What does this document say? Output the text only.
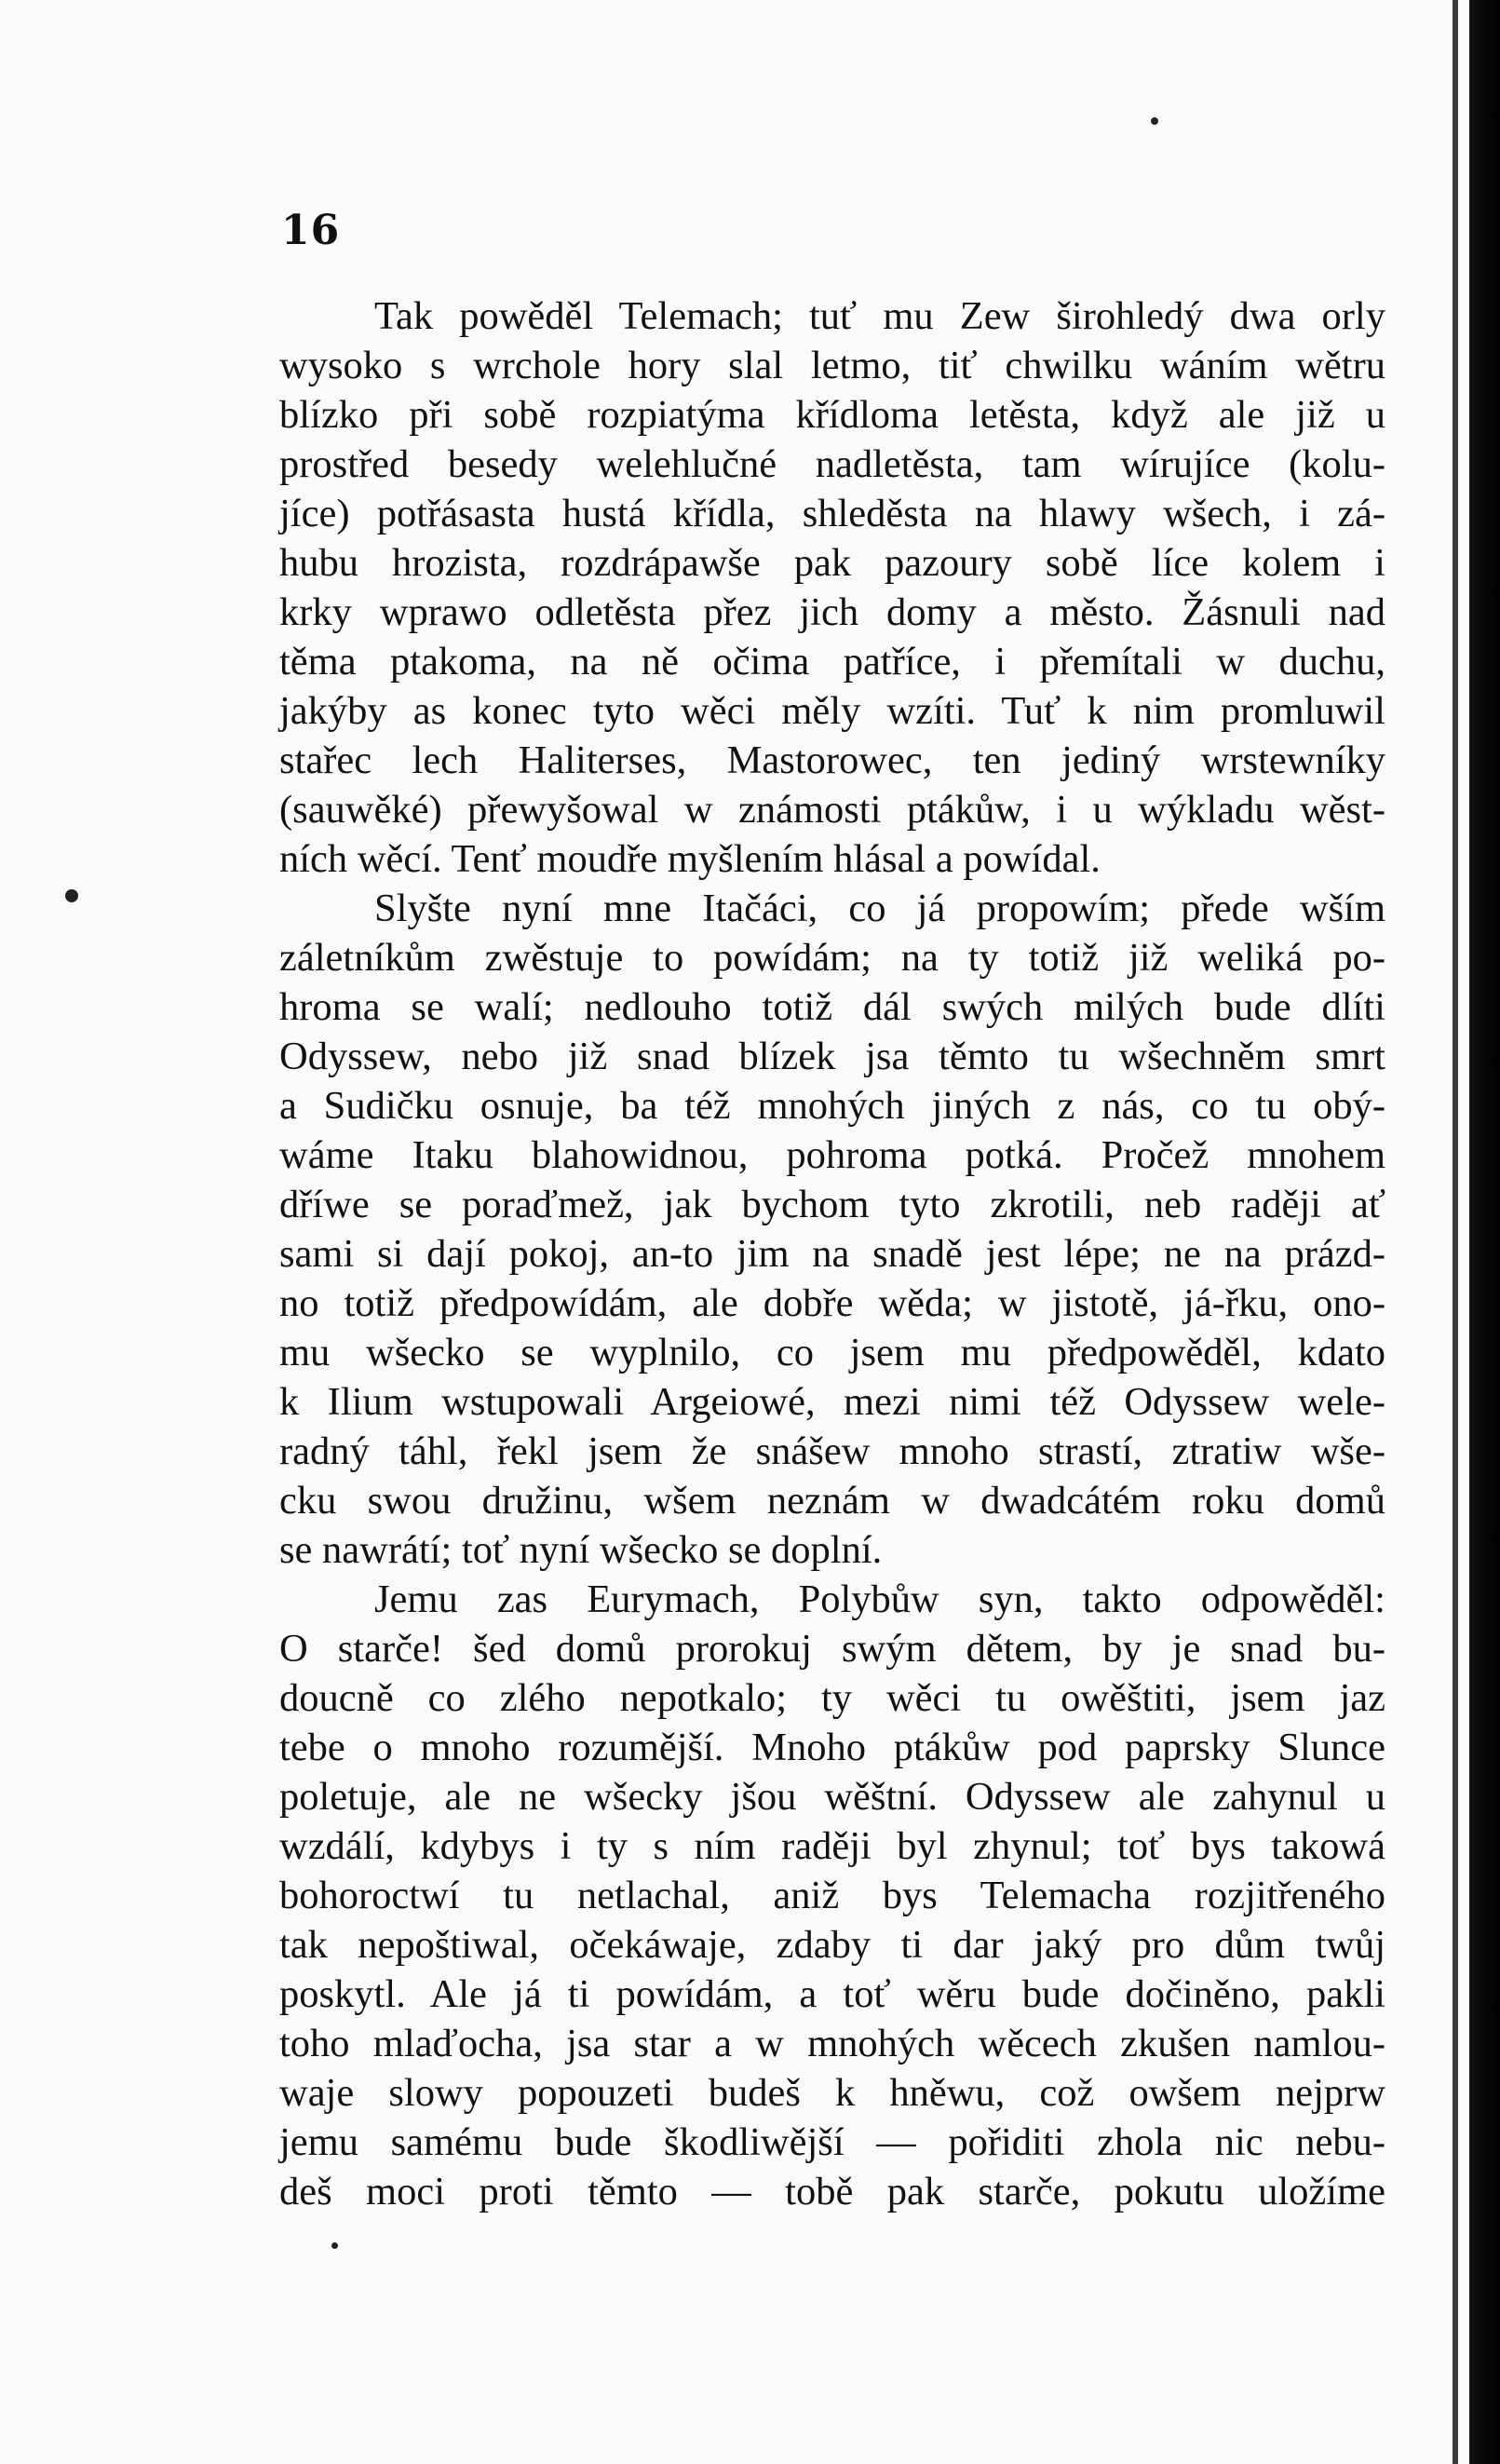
16
Tak powěděl Telemach; tuť mu Zew širohledý dwa orly
wysoko s wrchole hory slal letmo, tiť chwilku wáním wětru
blízko při sobě rozpiatýma křídloma letěsta, když ale již u
prostřed besedy welehlučné nadletěsta, tam wírujíce (kolu-
jíce) potřásasta hustá křídla, shleděsta na hlawy wšech, i zá-
hubu hrozista, rozdrápawše pak pazoury sobě líce kolem i
krky wprawo odletěsta přez jich domy a město. Žásnuli nad
těma ptakoma, na ně očima patříce, i přemítali w duchu,
jakýby as konec tyto wěci měly wzíti. Tuť k nim promluwil
stařec lech Haliterses, Mastorowec, ten jediný wrstewníky
(sauwěké) přewyšowal w známosti ptákůw, i u wýkladu wěst-
ních wěcí. Tenť moudře myšlením hlásal a powídal.
Slyšte nyní mne Itačáci, co já propowím; přede wším
záletníkům zwěstuje to powídám; na ty totiž již weliká po-
hroma se walí; nedlouho totiž dál swých milých bude dlíti
Odyssew, nebo již snad blízek jsa těmto tu wšechněm smrt
a Sudičku osnuje, ba též mnohých jiných z nás, co tu obý-
wáme Itaku blahowidnou, pohroma potká. Pročež mnohem
dříwe se poraďmež, jak bychom tyto zkrotili, neb raději ať
sami si dají pokoj, an-to jim na snadě jest lépe; ne na prázd-
no totiž předpowídám, ale dobře wěda; w jistotě, já-řku, ono-
mu wšecko se wyplnilo, co jsem mu předpowěděl, kdato
k Ilium wstupowali Argeiowé, mezi nimi též Odyssew wele-
radný táhl, řekl jsem že snášew mnoho strastí, ztratiw wše-
cku swou družinu, wšem neznám w dwadcátém roku domů
se nawrátí; toť nyní wšecko se doplní.
Jemu zas Eurymach, Polybůw syn, takto odpowěděl:
O starče! šed domů prorokuj swým dětem, by je snad bu-
doucně co zlého nepotkalo; ty wěci tu owěštiti, jsem jaz
tebe o mnoho rozumější. Mnoho ptákůw pod paprsky Slunce
poletuje, ale ne wšecky jšou wěštní. Odyssew ale zahynul u
wzdálí, kdybys i ty s ním raději byl zhynul; toť bys takowá
bohoroctwí tu netlachal, aniž bys Telemacha rozjitřeného
tak nepoštiwal, očekáwaje, zdaby ti dar jaký pro dům twůj
poskytl. Ale já ti powídám, a toť wěru bude dočiněno, pakli
toho mlaďocha, jsa star a w mnohých wěcech zkušen namlou-
waje slowy popouzeti budeš k hněwu, což owšem nejprw
jemu samému bude škodliwější — pořiditi zhola nic nebu-
deš moci proti těmto — tobě pak starče, pokutu uložíme
